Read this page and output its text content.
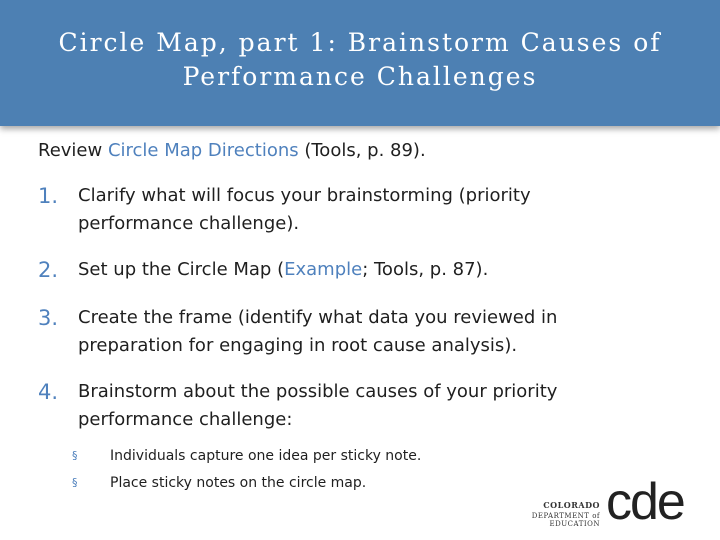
Circle Map, part 1: Brainstorm Causes of
Performance Challenges
Review Circle Map Directions (Tools, p. 89).
1. Clarify what will focus your brainstorming (priority performance challenge).
2. Set up the Circle Map (Example; Tools, p. 87).
3. Create the frame (identify what data you reviewed in preparation for engaging in root cause analysis).
4. Brainstorm about the possible causes of your priority performance challenge:
§ Individuals capture one idea per sticky note.
§ Place sticky notes on the circle map.
COLORADO
DEPARTMENT of EDUCATION cde
